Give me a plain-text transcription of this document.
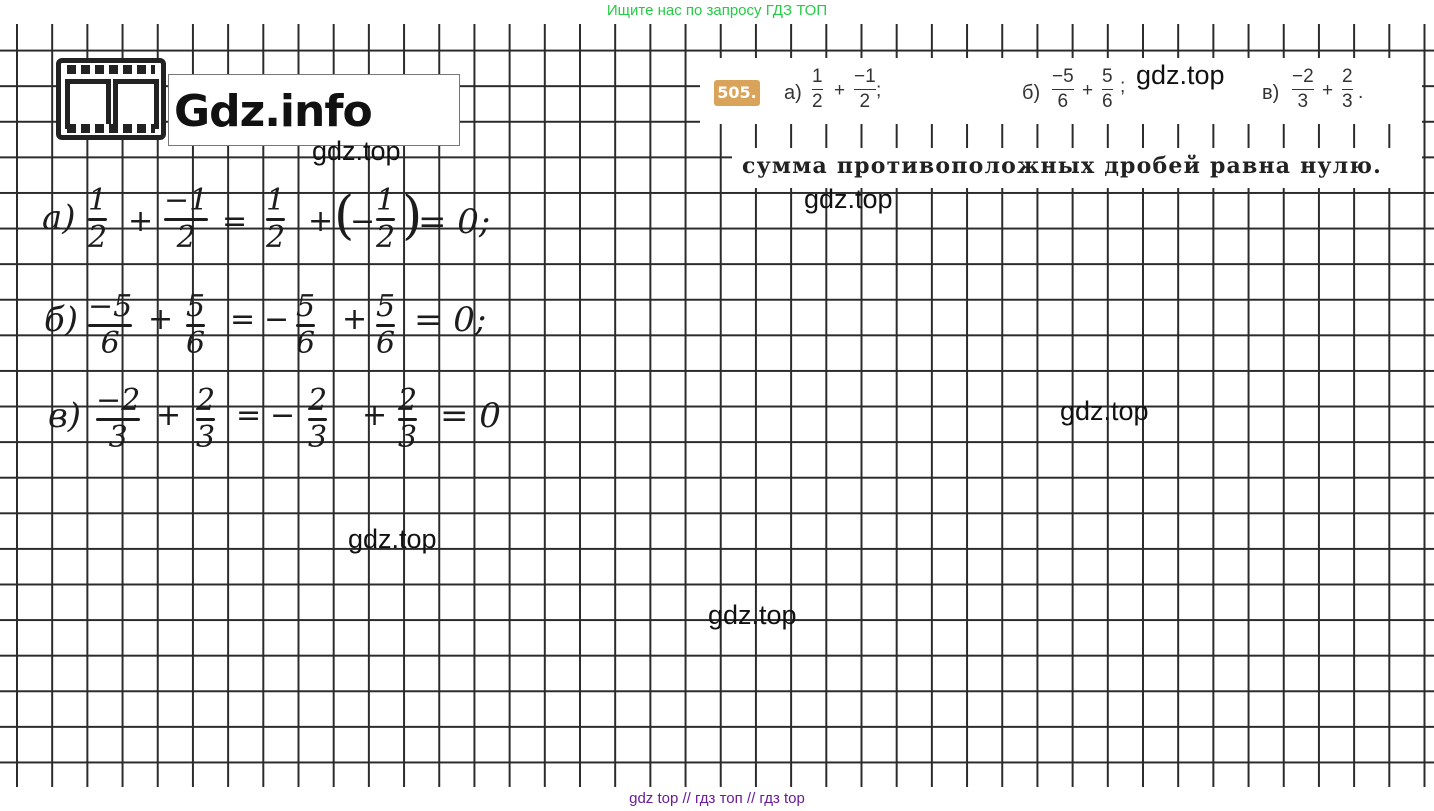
Ищите нас по запросу ГДЗ ТОП
Gdz.info	505. а)
1
2
+
−1
2
;	б)
−5
6
+
5
6
;	в)
−2
3
+
2
3 .
сумма противоположных дробей равна нулю.
а) 1
2 +
−1
2 =
1
2 + (
−
1
2 )
= 0;
б) −5
6
+ 5
6
= − 5
6
+ 5
6
= 0;
в) −2
3
+ 2
3
= − 2
3
+ 2
3
= 0
gdz.top
gdz.top
gdz.top
gdz.top
gdz.top
gdz.top
gdz top // гдз топ // гдз top
